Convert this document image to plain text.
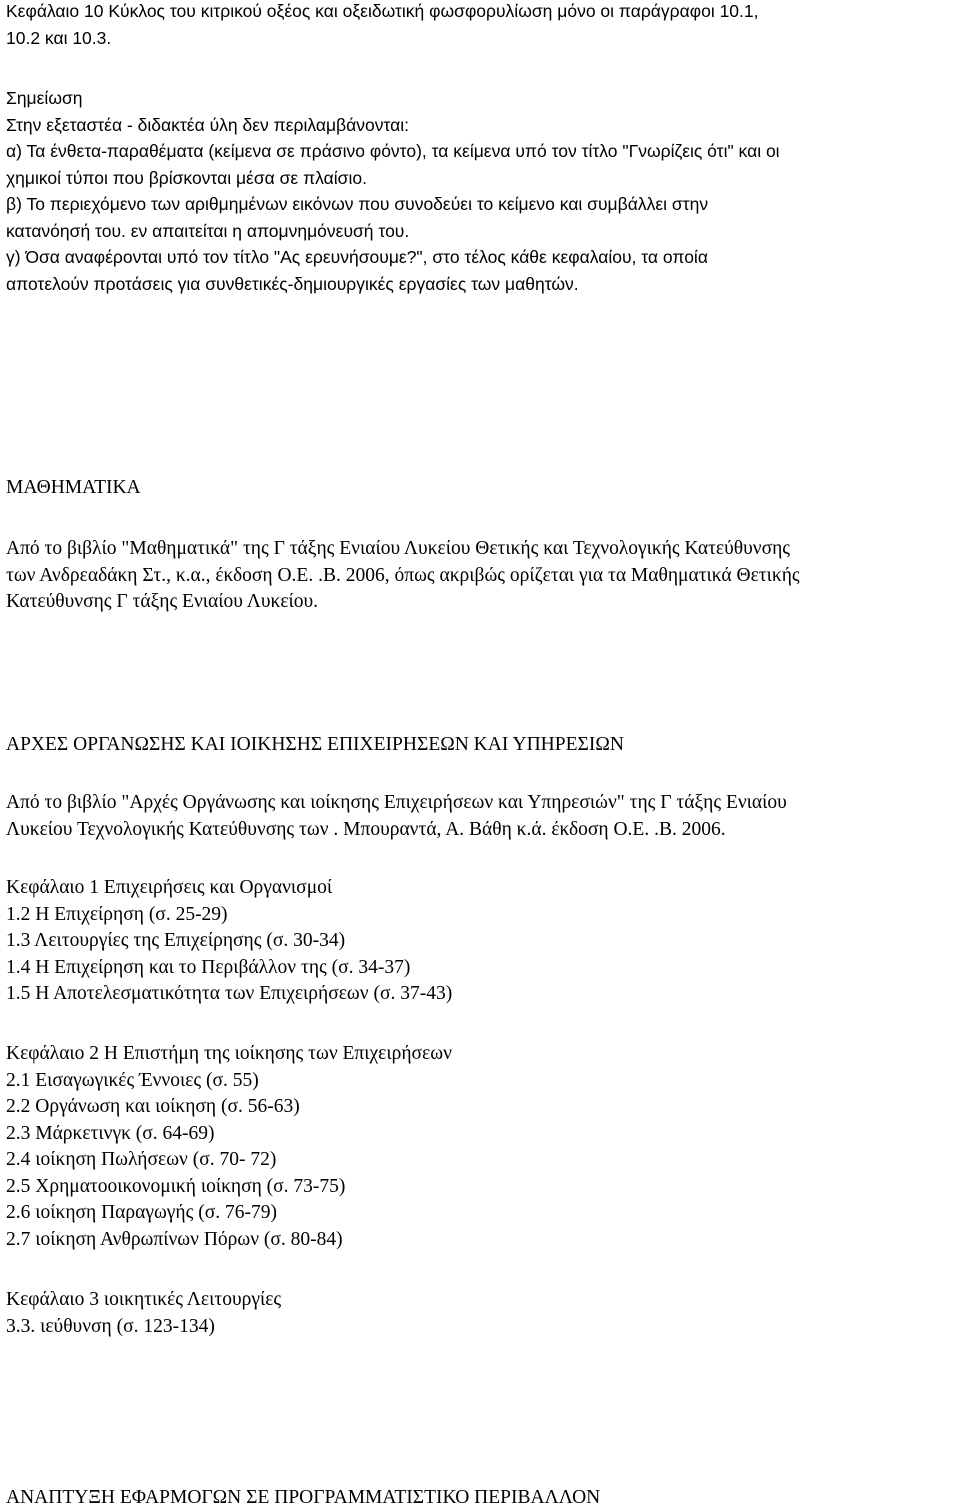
Κεφάλαιο 10 Κύκλος του κιτρικού οξέος και οξειδωτική φωσφορυλίωση μόνο οι παράγραφοι 10.1,
10.2 και 10.3.
Σημείωση
Στην εξεταστέα - διδακτέα ύλη δεν περιλαμβάνονται:
α) Τα ένθετα-παραθέματα (κείμενα σε πράσινο φόντο), τα κείμενα υπό τον τίτλο "Γνωρίζεις ότι" και οι
χημικοί τύποι που βρίσκονται μέσα σε πλαίσιο.
β) Το περιεχόμενο των αριθμημένων εικόνων που συνοδεύει το κείμενο και συμβάλλει στην
κατανόησή του. εν απαιτείται η απομνημόνευσή του.
γ) Όσα αναφέρονται υπό τον τίτλο "Ας ερευνήσουμε?", στο τέλος κάθε κεφαλαίου, τα οποία
αποτελούν προτάσεις για συνθετικές-δημιουργικές εργασίες των μαθητών.
ΜΑΘΗΜΑΤΙΚΑ
Από το βιβλίο "Μαθηματικά" της Γ τάξης Ενιαίου Λυκείου Θετικής και Τεχνολογικής Κατεύθυνσης
των Ανδρεαδάκη Στ., κ.α., έκδοση Ο.Ε. .Β. 2006, όπως ακριβώς ορίζεται για τα Μαθηματικά Θετικής
Κατεύθυνσης Γ τάξης Ενιαίου Λυκείου.
ΑΡΧΕΣ ΟΡΓΑΝΩΣΗΣ ΚΑΙ ΙΟΙΚΗΣΗΣ ΕΠΙΧΕΙΡΗΣΕΩΝ ΚΑΙ ΥΠΗΡΕΣΙΩΝ
Από το βιβλίο "Αρχές Οργάνωσης και ιοίκησης Επιχειρήσεων και Υπηρεσιών" της Γ τάξης Ενιαίου
Λυκείου Τεχνολογικής Κατεύθυνσης των . Μπουραντά, Α. Βάθη κ.ά. έκδοση Ο.Ε. .Β. 2006.
Κεφάλαιο 1 Επιχειρήσεις και Οργανισμοί
1.2 Η Επιχείρηση (σ. 25-29)
1.3 Λειτουργίες της Επιχείρησης (σ. 30-34)
1.4 Η Επιχείρηση και το Περιβάλλον της (σ. 34-37)
1.5 Η Αποτελεσματικότητα των Επιχειρήσεων (σ. 37-43)
Κεφάλαιο 2 Η Επιστήμη της ιοίκησης των Επιχειρήσεων
2.1 Εισαγωγικές Έννοιες (σ. 55)
2.2 Οργάνωση και ιοίκηση (σ. 56-63)
2.3 Μάρκετινγκ (σ. 64-69)
2.4 ιοίκηση Πωλήσεων (σ. 70- 72)
2.5 Χρηματοοικονομική ιοίκηση (σ. 73-75)
2.6 ιοίκηση Παραγωγής (σ. 76-79)
2.7 ιοίκηση Ανθρωπίνων Πόρων (σ. 80-84)
Κεφάλαιο 3 ιοικητικές Λειτουργίες
3.3. ιεύθυνση (σ. 123-134)
ΑΝΑΠΤΥΞΗ ΕΦΑΡΜΟΓΩΝ ΣΕ ΠΡΟΓΡΑΜΜΑΤΙΣΤΙΚΟ ΠΕΡΙΒΑΛΛΟΝ
